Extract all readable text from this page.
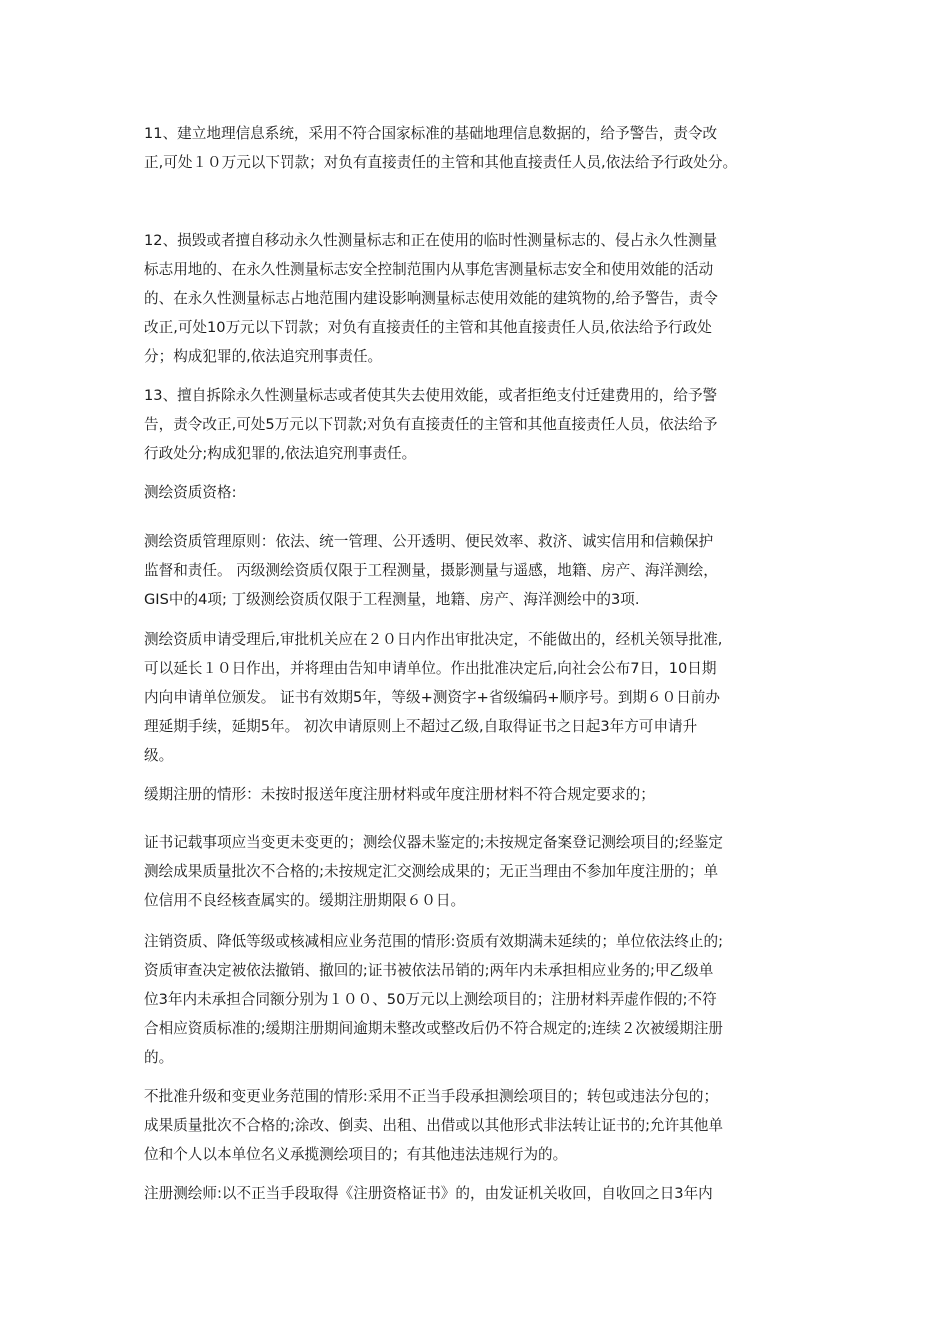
11、建立地理信息系统，采用不符合国家标准的基础地理信息数据的，给予警告，责令改
正,可处１０万元以下罚款；对负有直接责任的主管和其他直接责任人员,依法给予行政处分。

12、损毁或者擅自移动永久性测量标志和正在使用的临时性测量标志的、侵占永久性测量
标志用地的、在永久性测量标志安全控制范围内从事危害测量标志安全和使用效能的活动
的、在永久性测量标志占地范围内建设影响测量标志使用效能的建筑物的,给予警告，责令
改正,可处10万元以下罚款；对负有直接责任的主管和其他直接责任人员,依法给予行政处
分；构成犯罪的,依法追究刑事责任。

13、擅自拆除永久性测量标志或者使其失去使用效能，或者拒绝支付迁建费用的，给予警
告，责令改正,可处5万元以下罚款;对负有直接责任的主管和其他直接责任人员，依法给予
行政处分;构成犯罪的,依法追究刑事责任。

测绘资质资格:

测绘资质管理原则：依法、统一管理、公开透明、便民效率、救济、诚实信用和信赖保护
监督和责任。 丙级测绘资质仅限于工程测量，摄影测量与遥感，地籍、房产、海洋测绘，
GIS中的4项; 丁级测绘资质仅限于工程测量，地籍、房产、海洋测绘中的3项.

测绘资质申请受理后,审批机关应在２０日内作出审批决定，不能做出的，经机关领导批准,
可以延长１０日作出，并将理由告知申请单位。作出批准决定后,向社会公布7日，10日期
内向申请单位颁发。 证书有效期5年，等级+测资字+省级编码+顺序号。到期６０日前办
理延期手续，延期5年。 初次申请原则上不超过乙级,自取得证书之日起3年方可申请升
级。

缓期注册的情形：未按时报送年度注册材料或年度注册材料不符合规定要求的；

证书记载事项应当变更未变更的；测绘仪器未鉴定的;未按规定备案登记测绘项目的;经鉴定
测绘成果质量批次不合格的;未按规定汇交测绘成果的；无正当理由不参加年度注册的；单
位信用不良经核查属实的。缓期注册期限６０日。

注销资质、降低等级或核减相应业务范围的情形:资质有效期满未延续的；单位依法终止的;
资质审查决定被依法撤销、撤回的;证书被依法吊销的;两年内未承担相应业务的;甲乙级单
位3年内未承担合同额分别为１００、50万元以上测绘项目的；注册材料弄虚作假的;不符
合相应资质标准的;缓期注册期间逾期未整改或整改后仍不符合规定的;连续２次被缓期注册
的。

不批准升级和变更业务范围的情形:采用不正当手段承担测绘项目的；转包或违法分包的；
成果质量批次不合格的;涂改、倒卖、出租、出借或以其他形式非法转让证书的;允许其他单
位和个人以本单位名义承揽测绘项目的；有其他违法违规行为的。

注册测绘师:以不正当手段取得《注册资格证书》的，由发证机关收回，自收回之日3年内
